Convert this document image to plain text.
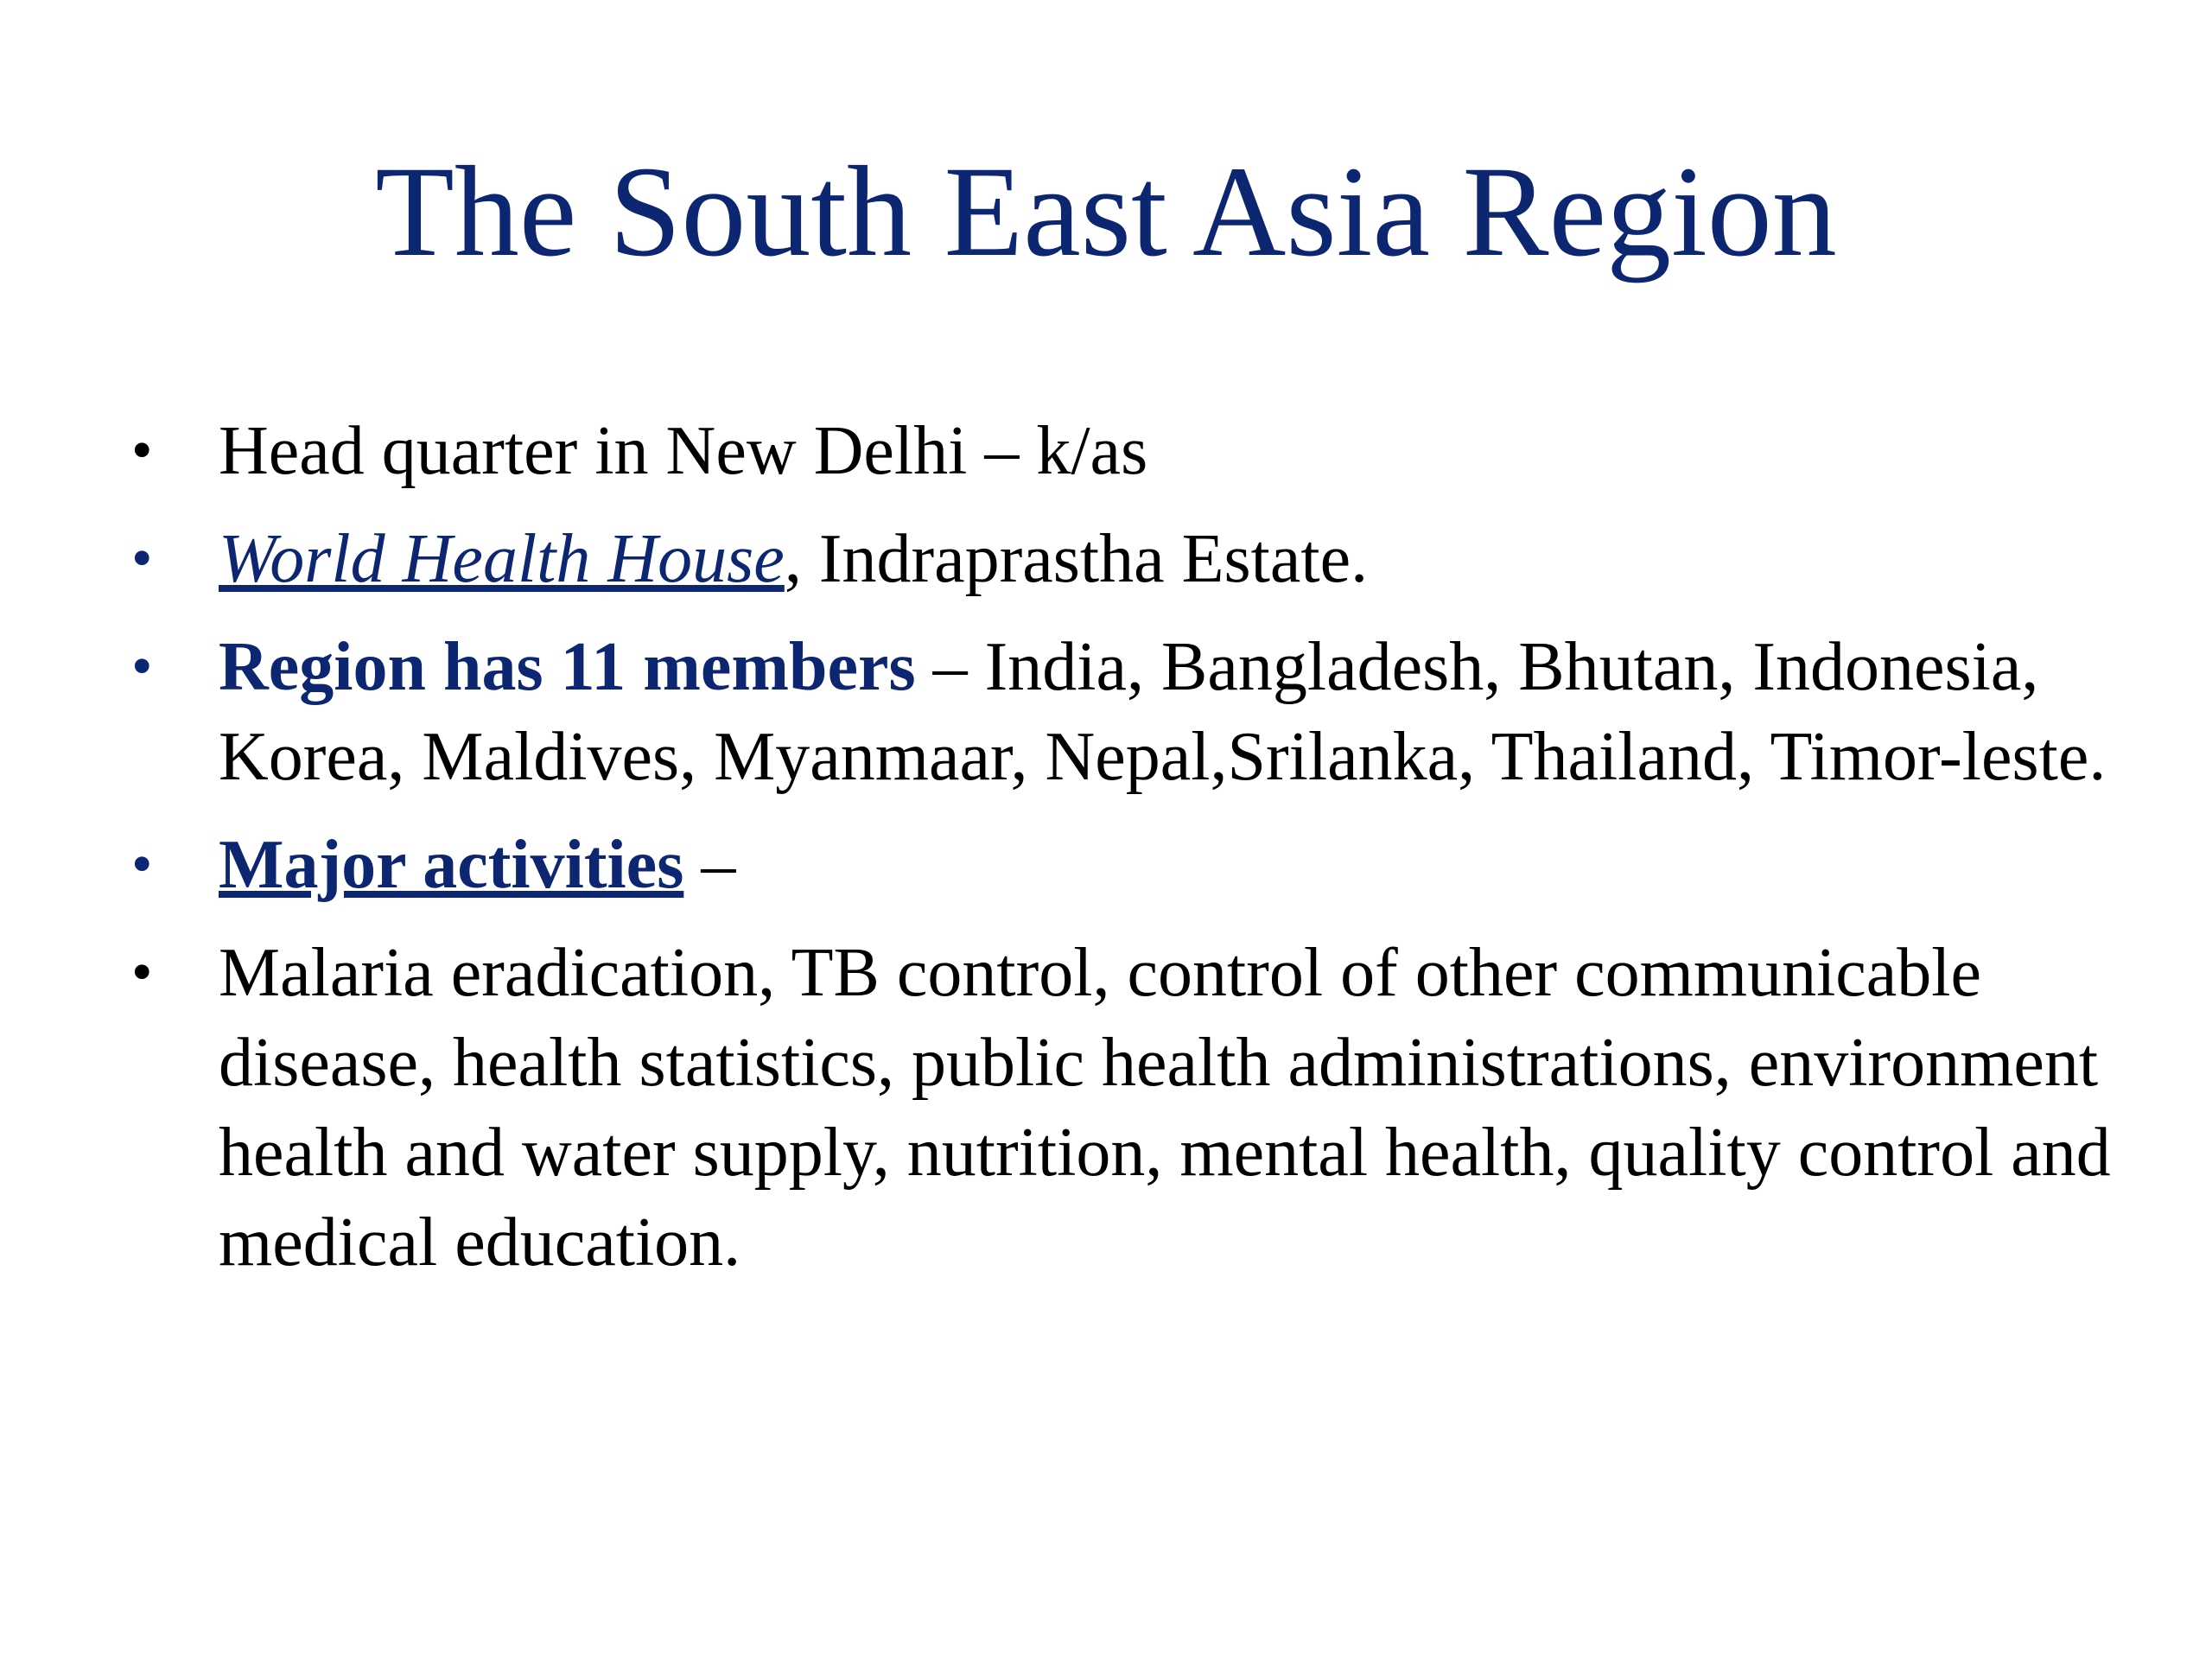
The South East Asia Region
• Head quarter in New Delhi – k/as
• World Health House, Indraprastha Estate.
• Region has 11 members – India, Bangladesh, Bhutan, Indonesia, Korea, Maldives, Myanmaar, Nepal,Srilanka, Thailand, Timor-leste.
• Major activities –
• Malaria eradication, TB control, control of other communicable disease, health statistics, public health administrations, environment health and water supply, nutrition, mental health, quality control and medical education.
